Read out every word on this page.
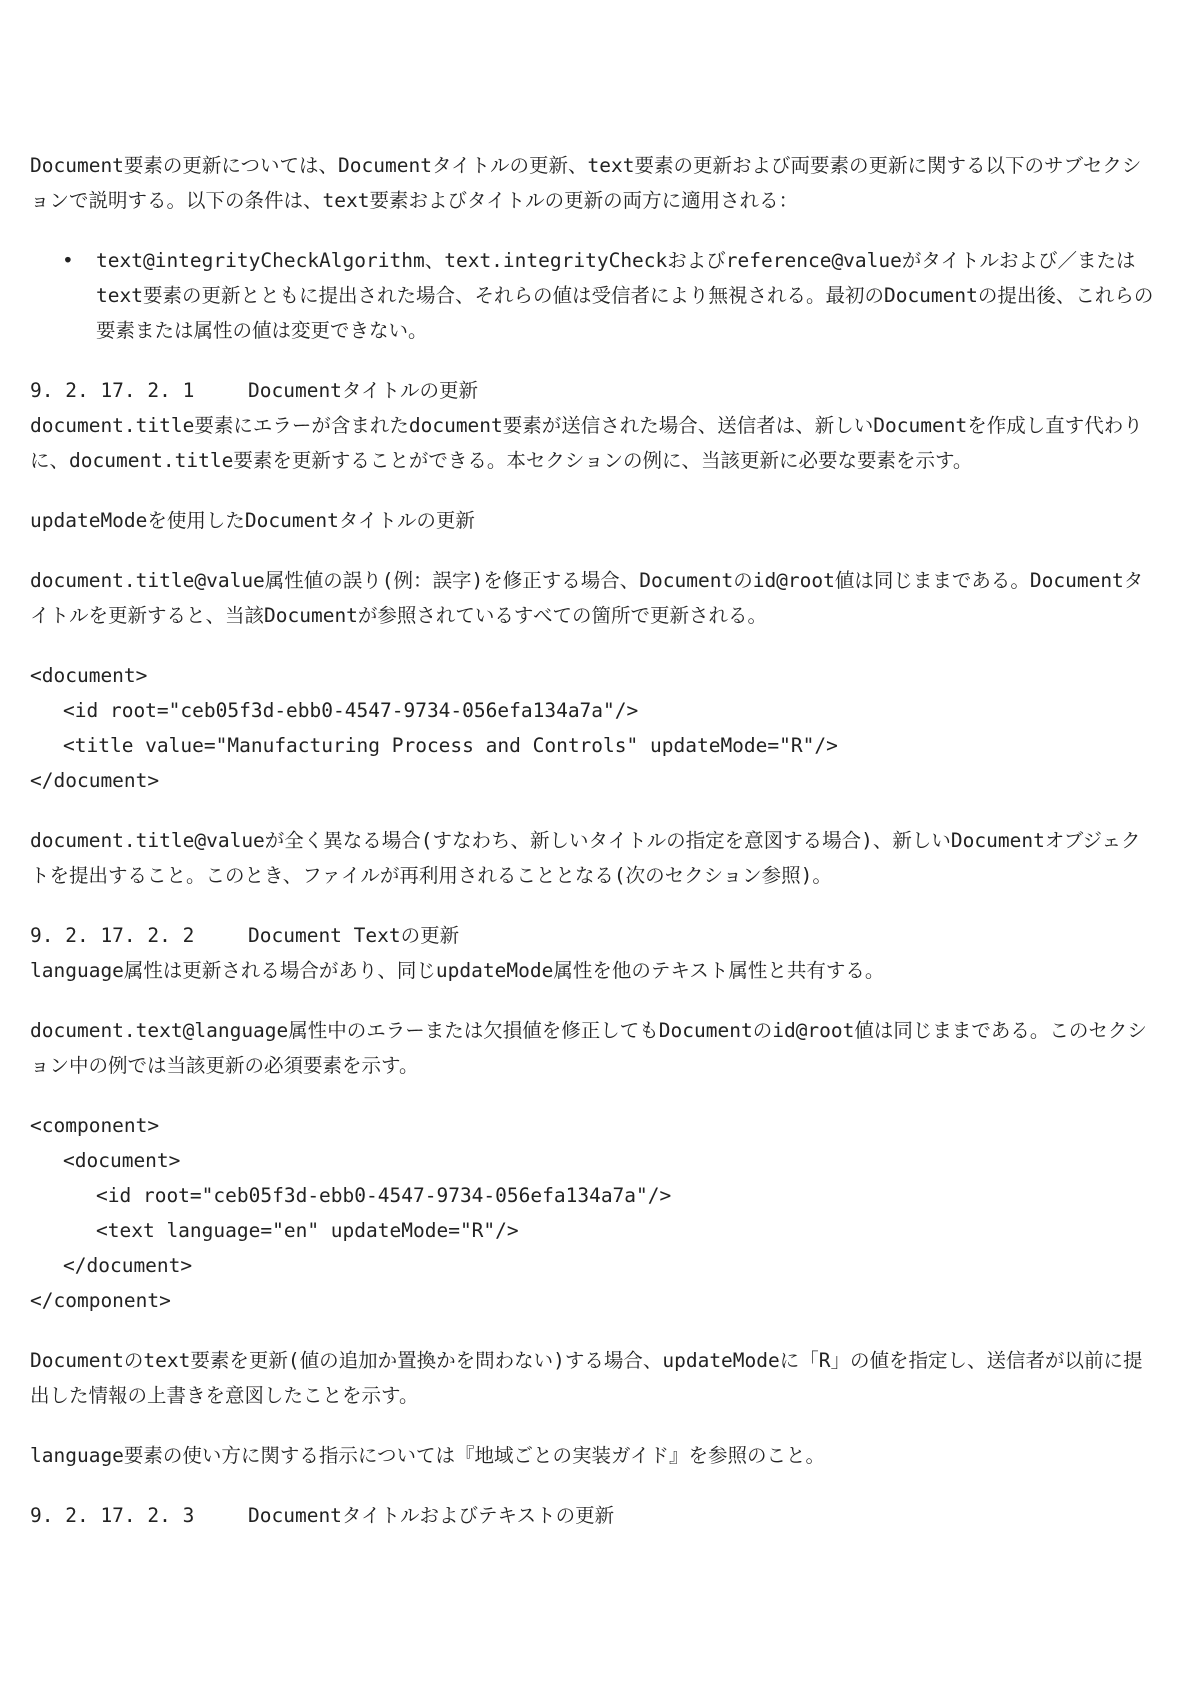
Document要素の更新については、Documentタイトルの更新、text要素の更新および両要素の更新に関する以下のサブセクションで説明する。以下の条件は、text要素およびタイトルの更新の両方に適用される：

• text@integrityCheckAlgorithm、text.integrityCheckおよびreference@valueがタイトルおよび／またはtext要素の更新とともに提出された場合、それらの値は受信者により無視される。最初のDocumentの提出後、これらの要素または属性の値は変更できない。
9. 2. 17. 2. 1	Documentタイトルの更新

document.title要素にエラーが含まれたdocument要素が送信された場合、送信者は、新しいDocumentを作成し直す代わりに、document.title要素を更新することができる。本セクションの例に、当該更新に必要な要素を示す。

updateModeを使用したDocumentタイトルの更新

document.title@value属性値の誤り(例：誤字)を修正する場合、Documentのid@root値は同じままである。Documentタイトルを更新すると、当該Documentが参照されているすべての箇所で更新される。

<document>
<id root="ceb05f3d-ebb0-4547-9734-056efa134a7a"/>
<title value="Manufacturing Process and Controls" updateMode="R"/>
</document>

document.title@valueが全く異なる場合(すなわち、新しいタイトルの指定を意図する場合)、新しいDocumentオブジェクトを提出すること。このとき、ファイルが再利用されることとなる(次のセクション参照)。

9. 2. 17. 2. 2	Document Textの更新

language属性は更新される場合があり、同じupdateMode属性を他のテキスト属性と共有する。

document.text@language属性中のエラーまたは欠損値を修正してもDocumentのid@root値は同じままである。このセクション中の例では当該更新の必須要素を示す。

<component>
<document>
<id root="ceb05f3d-ebb0-4547-9734-056efa134a7a"/>
<text language="en" updateMode="R"/>
</document>
</component>

Documentのtext要素を更新(値の追加か置換かを問わない)する場合、updateModeに「R」の値を指定し、送信者が以前に提出した情報の上書きを意図したことを示す。

language要素の使い方に関する指示については『地域ごとの実装ガイド』を参照のこと。

9. 2. 17. 2. 3	Documentタイトルおよびテキストの更新
